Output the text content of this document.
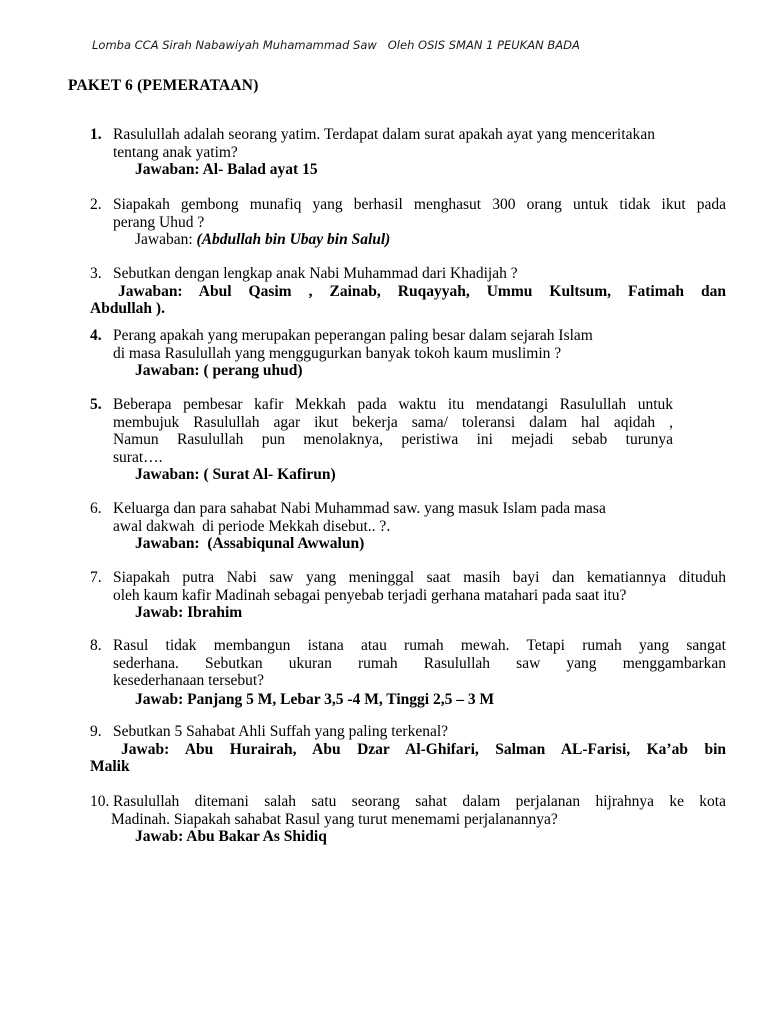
Lomba CCA Sirah Nabawiyah Muhamammad Saw   Oleh OSIS SMAN 1 PEUKAN BADA
PAKET 6 (PEMERATAAN)
1. Rasulullah adalah seorang yatim. Terdapat dalam surat apakah ayat yang menceritakan
tentang anak yatim?
Jawaban: Al- Balad ayat 15
2. Siapakah gembong munafiq yang berhasil menghasut 300 orang untuk tidak ikut pada
perang Uhud ?
Jawaban: (Abdullah bin Ubay bin Salul)
3. Sebutkan dengan lengkap anak Nabi Muhammad dari Khadijah ?
Jawaban: Abul Qasim , Zainab, Ruqayyah, Ummu Kultsum, Fatimah dan
Abdullah ).
4. Perang apakah yang merupakan peperangan paling besar dalam sejarah Islam
di masa Rasulullah yang menggugurkan banyak tokoh kaum muslimin ?
Jawaban: ( perang uhud)
5. Beberapa pembesar kafir Mekkah pada waktu itu mendatangi Rasulullah untuk
membujuk Rasulullah agar ikut bekerja sama/ toleransi dalam hal aqidah ,
Namun Rasulullah pun menolaknya, peristiwa ini mejadi sebab turunya
surat….
Jawaban: ( Surat Al- Kafirun)
6. Keluarga dan para sahabat Nabi Muhammad saw. yang masuk Islam pada masa
awal dakwah  di periode Mekkah disebut.. ?.
Jawaban:  (Assabiqunal Awwalun)
7. Siapakah putra Nabi saw yang meninggal saat masih bayi dan kematiannya dituduh
oleh kaum kafir Madinah sebagai penyebab terjadi gerhana matahari pada saat itu?
Jawab: Ibrahim
8. Rasul tidak membangun istana atau rumah mewah. Tetapi rumah yang sangat
sederhana. Sebutkan ukuran rumah Rasulullah saw yang menggambarkan
kesederhanaan tersebut?
Jawab: Panjang 5 M, Lebar 3,5 -4 M, Tinggi 2,5 – 3 M
9. Sebutkan 5 Sahabat Ahli Suffah yang paling terkenal?
Jawab: Abu Hurairah, Abu Dzar Al-Ghifari, Salman AL-Farisi, Ka’ab bin
Malik
10. Rasulullah ditemani salah satu seorang sahat dalam perjalanan hijrahnya ke kota
Madinah. Siapakah sahabat Rasul yang turut menemami perjalanannya?
Jawab: Abu Bakar As Shidiq
